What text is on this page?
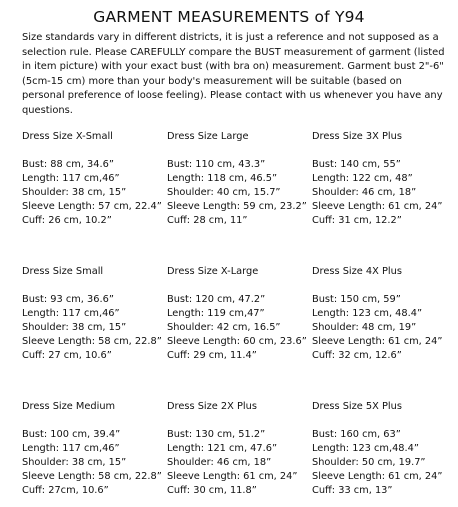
GARMENT MEASUREMENTS of Y94

Size standards vary in different districts, it is just a reference and not supposed as a selection rule. Please CAREFULLY compare the BUST measurement of garment (listed in item picture) with your exact bust (with bra on) measurement. Garment bust 2"-6" (5cm-15 cm) more than your body's measurement will be suitable (based on personal preference of loose feeling). Please contact with us whenever you have any questions.

Dress Size X-Small
Bust: 88 cm, 34.6”
Length: 117 cm,46”
Shoulder: 38 cm, 15”
Sleeve Length: 57 cm, 22.4”
Cuff: 26 cm, 10.2”
Dress Size Large
Bust: 110 cm, 43.3”
Length: 118 cm, 46.5”
Shoulder: 40 cm, 15.7”
Sleeve Length: 59 cm, 23.2”
Cuff: 28 cm, 11”
Dress Size 3X Plus
Bust: 140 cm, 55”
Length: 122 cm, 48”
Shoulder: 46 cm, 18”
Sleeve Length: 61 cm, 24”
Cuff: 31 cm, 12.2”
Dress Size Small
Bust: 93 cm, 36.6”
Length: 117 cm,46”
Shoulder: 38 cm, 15”
Sleeve Length: 58 cm, 22.8”
Cuff: 27 cm, 10.6”
Dress Size X-Large
Bust: 120 cm, 47.2”
Length: 119 cm,47”
Shoulder: 42 cm, 16.5”
Sleeve Length: 60 cm, 23.6”
Cuff: 29 cm, 11.4”
Dress Size 4X Plus
Bust: 150 cm, 59”
Length: 123 cm, 48.4”
Shoulder: 48 cm, 19”
Sleeve Length: 61 cm, 24”
Cuff: 32 cm, 12.6”
Dress Size Medium
Bust: 100 cm, 39.4”
Length: 117 cm,46”
Shoulder: 38 cm, 15”
Sleeve Length: 58 cm, 22.8”
Cuff: 27cm, 10.6”
Dress Size 2X Plus
Bust: 130 cm, 51.2”
Length: 121 cm, 47.6”
Shoulder: 46 cm, 18”
Sleeve Length: 61 cm, 24”
Cuff: 30 cm, 11.8”
Dress Size 5X Plus
Bust: 160 cm, 63”
Length: 123 cm,48.4”
Shoulder: 50 cm, 19.7”
Sleeve Length: 61 cm, 24”
Cuff: 33 cm, 13”
